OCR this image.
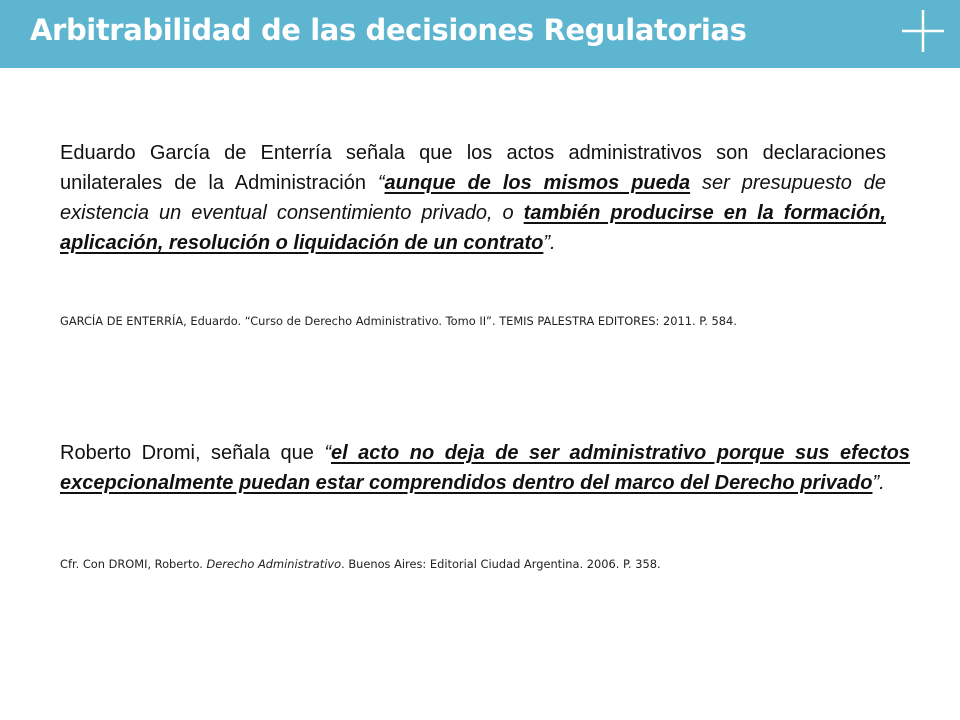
Arbitrabilidad de las decisiones Regulatorias

Eduardo García de Enterría señala que los actos administrativos son declaraciones unilaterales de la Administración “aunque de los mismos pueda ser presupuesto de existencia un eventual consentimiento privado, o también producirse en la formación, aplicación, resolución o liquidación de un contrato”.

GARCÍA DE ENTERRÍA, Eduardo. “Curso de Derecho Administrativo. Tomo II”. TEMIS PALESTRA EDITORES: 2011. P. 584.

Roberto Dromi, señala que “el acto no deja de ser administrativo porque sus efectos excepcionalmente puedan estar comprendidos dentro del marco del Derecho privado”.

Cfr. Con DROMI, Roberto. Derecho Administrativo. Buenos Aires: Editorial Ciudad Argentina. 2006. P. 358.
